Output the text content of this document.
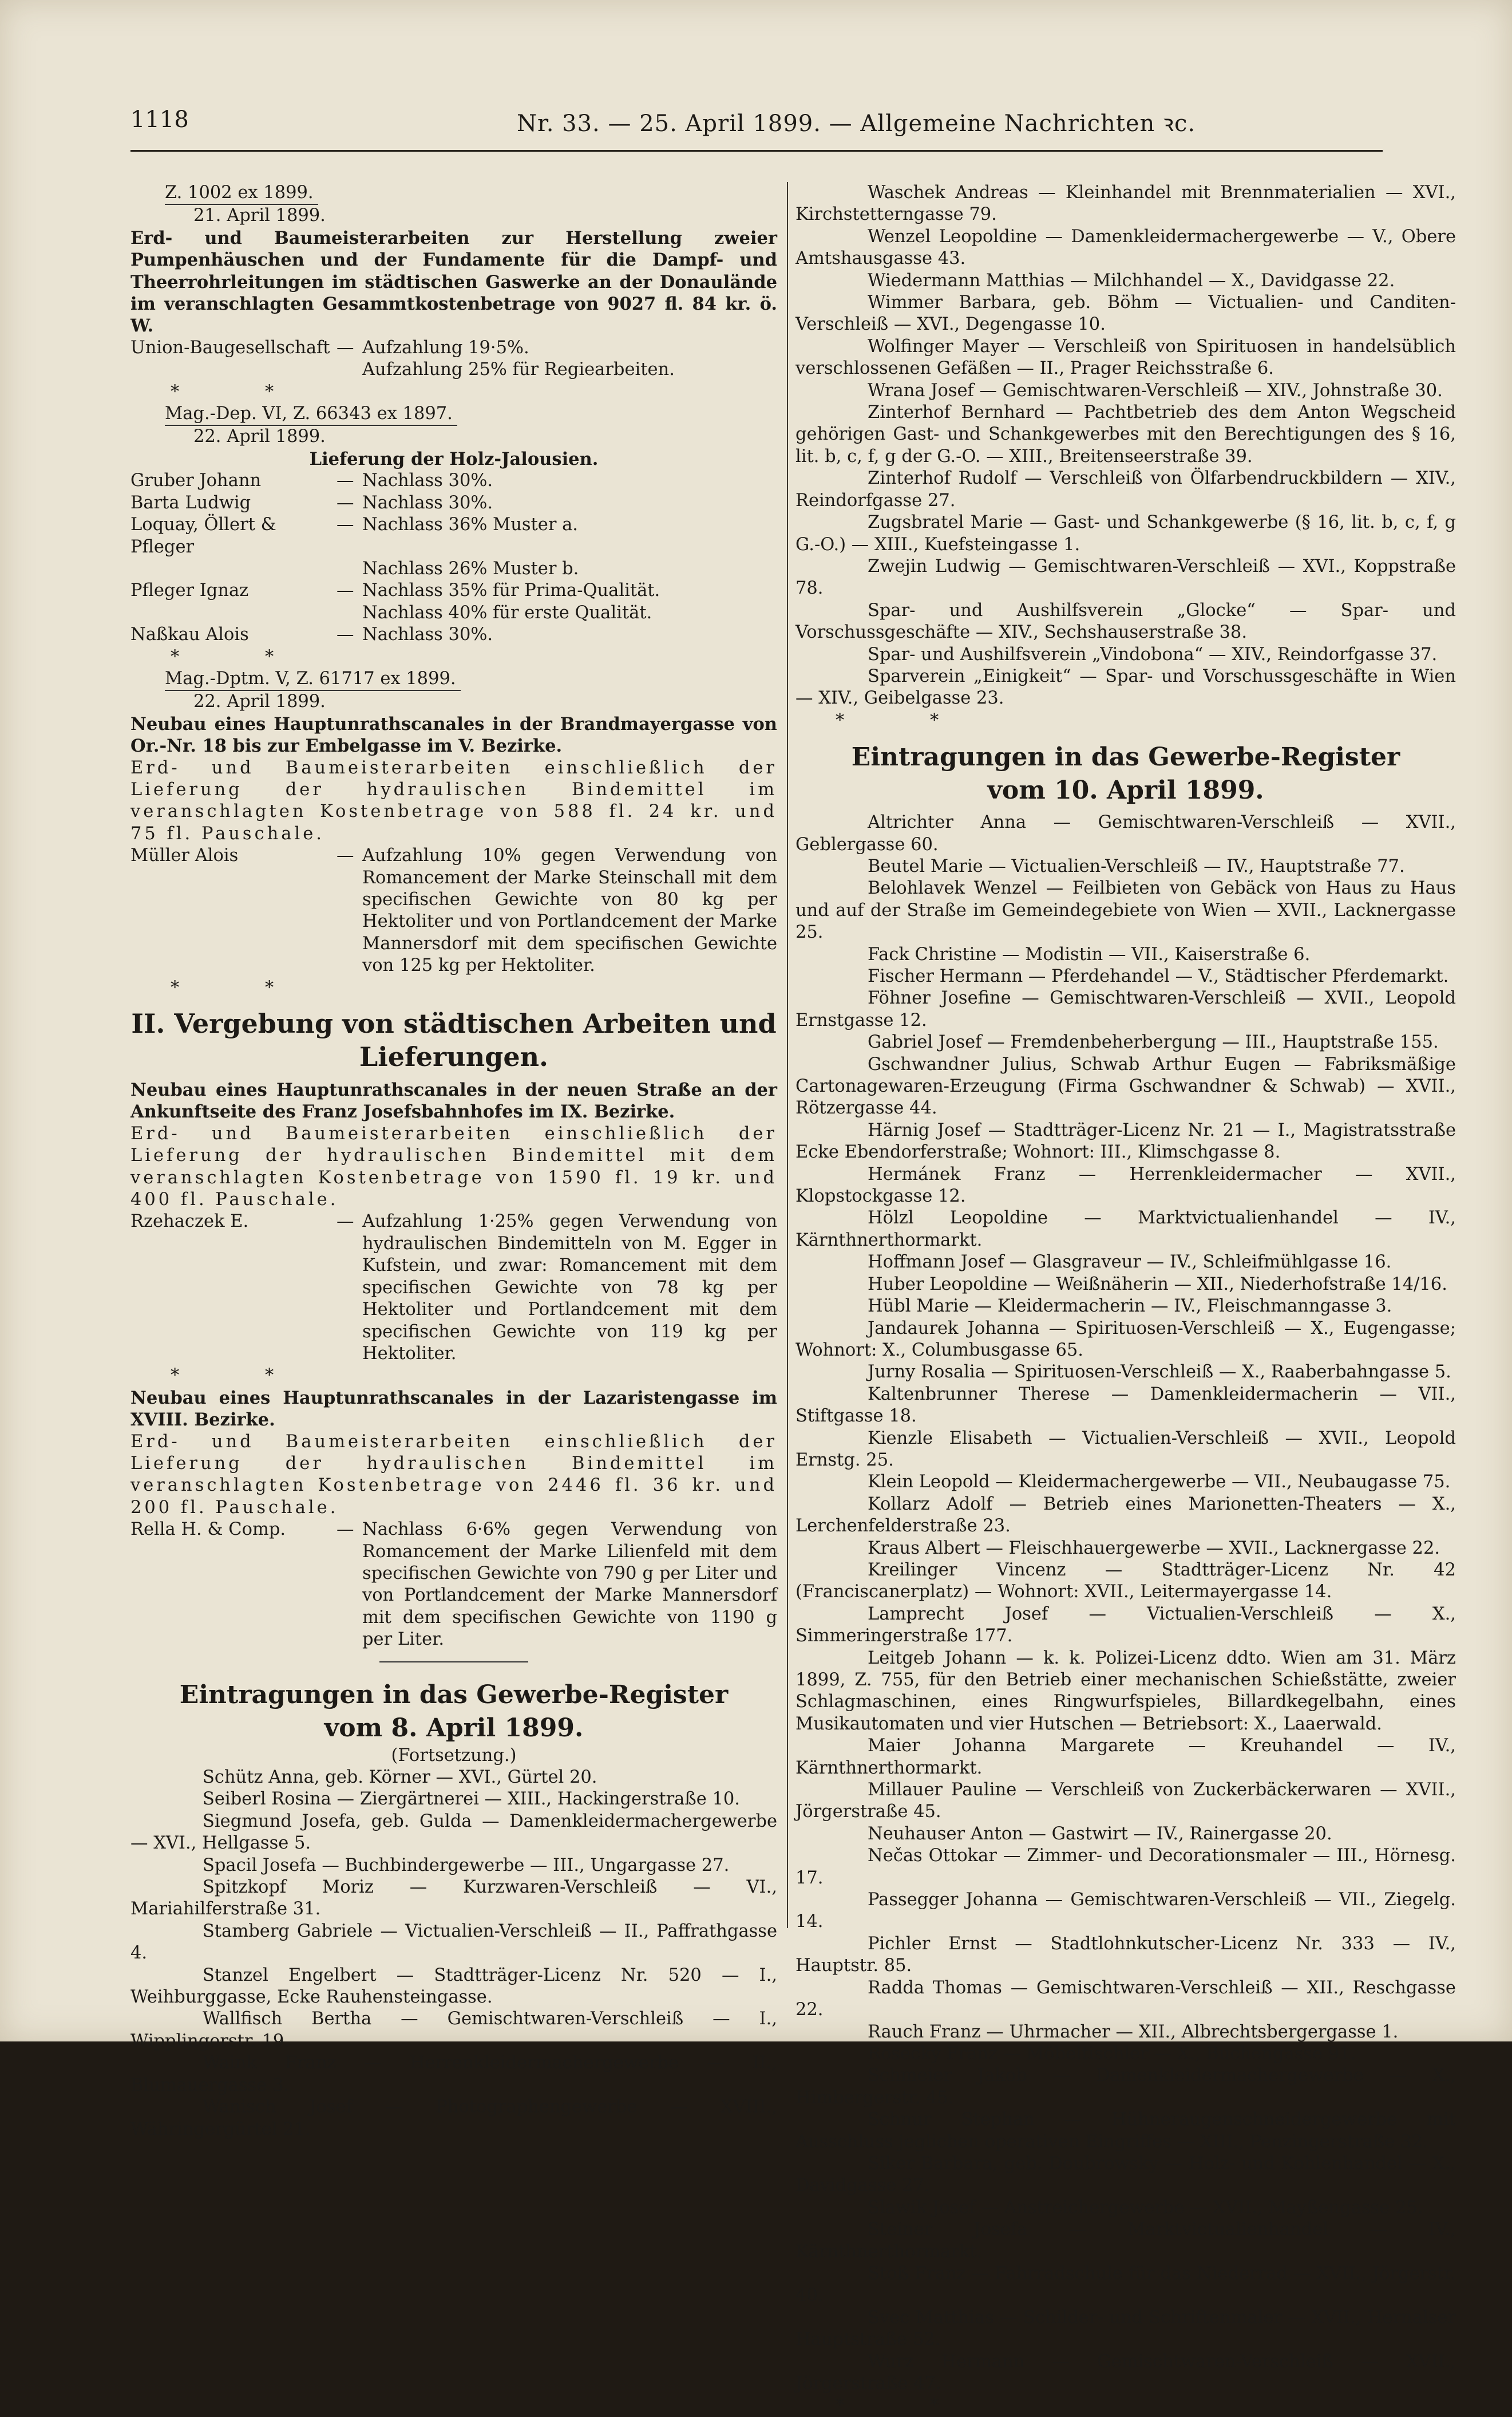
1118	Nr. 33. — 25. April 1899. — Allgemeine Nachrichten ꝛc.

Z. 1002 ex 1899.

21. April 1899.

Erd- und Baumeisterarbeiten zur Herstellung zweier Pumpenhäuschen und der Fundamente für die Dampf- und Theerrohrleitungen im städtischen Gaswerke an der Donaulände im veranschlagten Gesammtkostenbetrage von 9027 fl. 84 kr. ö. W.

Union-Baugesellschaft — Aufzahlung 19·5%.
Aufzahlung 25% für Regiearbeiten.

* *

Mag.-Dep. VI, Z. 66343 ex 1897.

22. April 1899.

Lieferung der Holz-Jalousien.

Gruber Johann	— Nachlass 30%.
Barta Ludwig	— Nachlass 30%.
Loquay, Öllert & Pfleger
— Nachlass 36% Muster a.
Nachlass 26% Muster b.
Pfleger Ignaz	— Nachlass 35% für Prima-Qualität.
Nachlass 40% für erste Qualität.
Naßkau Alois	— Nachlass 30%.

* *

Mag.-Dptm. V, Z. 61717 ex 1899.

22. April 1899.

Neubau eines Hauptunrathscanales in der Brandmayergasse von Or.-Nr. 18 bis zur Embelgasse im V. Bezirke.

Erd- und Baumeisterarbeiten einschließlich der Lieferung der hydraulischen Bindemittel im veranschlagten Kostenbetrage von 588 fl. 24 kr. und 75 fl. Pauschale.

Müller Alois	— Aufzahlung 10% gegen Verwendung von Romancement der Marke Steinschall mit dem specifischen Gewichte von 80 kg per Hektoliter und von Portlandcement der Marke Mannersdorf mit dem specifischen Gewichte von 125 kg per Hektoliter.

* *

II. Vergebung von städtischen Arbeiten und
Lieferungen.

Neubau eines Hauptunrathscanales in der neuen Straße an der Ankunftseite des Franz Josefsbahnhofes im IX. Bezirke.

Erd- und Baumeisterarbeiten einschließlich der Lieferung der hydraulischen Bindemittel mit dem veranschlagten Kostenbetrage von 1590 fl. 19 kr. und 400 fl. Pauschale.

Rzehaczek E.	— Aufzahlung 1·25% gegen Verwendung von hydraulischen Bindemitteln von M. Egger in Kufstein, und zwar: Romancement mit dem specifischen Gewichte von 78 kg per Hektoliter und Portlandcement mit dem specifischen Gewichte von 119 kg per Hektoliter.

* *

Neubau eines Hauptunrathscanales in der Lazaristengasse im XVIII. Bezirke.

Erd- und Baumeisterarbeiten einschließlich der Lieferung der hydraulischen Bindemittel im veranschlagten Kostenbetrage von 2446 fl. 36 kr. und 200 fl. Pauschale.

Rella H. & Comp.	— Nachlass 6·6% gegen Verwendung von Romancement der Marke Lilienfeld mit dem specifischen Gewichte von 790 g per Liter und von Portlandcement der Marke Mannersdorf mit dem specifischen Gewichte von 1190 g per Liter.
Eintragungen in das Gewerbe-Register
vom 8. April 1899.

(Fortsetzung.)

Schütz Anna, geb. Körner — XVI., Gürtel 20.

Seiberl Rosina — Ziergärtnerei — XIII., Hackingerstraße 10.

Siegmund Josefa, geb. Gulda — Damenkleidermachergewerbe — XVI., Hellgasse 5.

Spacil Josefa — Buchbindergewerbe — III., Ungargasse 27.

Spitzkopf Moriz — Kurzwaren-Verschleiß — VI., Mariahilferstraße 31.

Stamberg Gabriele — Victualien-Verschleiß — II., Paffrathgasse 4.

Stanzel Engelbert — Stadtträger-Licenz Nr. 520 — I., Weihburggasse, Ecke Rauhensteingasse.

Wallfisch Bertha — Gemischtwaren-Verschleiß — I., Wipplingerstr. 19.

Waink Franz — Herrenkleidermachergewerbe — II., Blumauergasse 3.

Wanisch Josef — Photographengewerbe — XVIII., Währingergürtel 21.

Waschek Andreas — Kleinhandel mit Brennmaterialien — XVI., Kirchstetterngasse 79.

Wenzel Leopoldine — Damenkleidermachergewerbe — V., Obere Amtshausgasse 43.

Wiedermann Matthias — Milchhandel — X., Davidgasse 22.

Wimmer Barbara, geb. Böhm — Victualien- und Canditen-Verschleiß — XVI., Degengasse 10.

Wolfinger Mayer — Verschleiß von Spirituosen in handelsüblich verschlossenen Gefäßen — II., Prager Reichsstraße 6.

Wrana Josef — Gemischtwaren-Verschleiß — XIV., Johnstraße 30.

Zinterhof Bernhard — Pachtbetrieb des dem Anton Wegscheid gehörigen Gast- und Schankgewerbes mit den Berechtigungen des § 16, lit. b, c, f, g der G.-O. — XIII., Breitenseerstraße 39.

Zinterhof Rudolf — Verschleiß von Ölfarbendruckbildern — XIV., Reindorfgasse 27.

Zugsbratel Marie — Gast- und Schankgewerbe (§ 16, lit. b, c, f, g G.-O.) — XIII., Kuefsteingasse 1.

Zwejin Ludwig — Gemischtwaren-Verschleiß — XVI., Koppstraße 78.

Spar- und Aushilfsverein „Glocke“ — Spar- und Vorschussgeschäfte — XIV., Sechshauserstraße 38.

Spar- und Aushilfsverein „Vindobona“ — XIV., Reindorfgasse 37.

Sparverein „Einigkeit“ — Spar- und Vorschussgeschäfte in Wien — XIV., Geibelgasse 23.

* *

Eintragungen in das Gewerbe-Register
vom 10. April 1899.

Altrichter Anna — Gemischtwaren-Verschleiß — XVII., Geblergasse 60.

Beutel Marie — Victualien-Verschleiß — IV., Hauptstraße 77.

Belohlavek Wenzel — Feilbieten von Gebäck von Haus zu Haus und auf der Straße im Gemeindegebiete von Wien — XVII., Lacknergasse 25.

Fack Christine — Modistin — VII., Kaiserstraße 6.

Fischer Hermann — Pferdehandel — V., Städtischer Pferdemarkt.

Föhner Josefine — Gemischtwaren-Verschleiß — XVII., Leopold Ernstgasse 12.

Gabriel Josef — Fremdenbeherbergung — III., Hauptstraße 155.

Gschwandner Julius, Schwab Arthur Eugen — Fabriksmäßige Cartonagewaren-Erzeugung (Firma Gschwandner & Schwab) — XVII., Rötzergasse 44.

Härnig Josef — Stadtträger-Licenz Nr. 21 — I., Magistratsstraße Ecke Ebendorferstraße; Wohnort: III., Klimschgasse 8.

Hermánek Franz — Herrenkleidermacher — XVII., Klopstockgasse 12.

Hölzl Leopoldine — Marktvictualienhandel — IV., Kärnthnerthormarkt.

Hoffmann Josef — Glasgraveur — IV., Schleifmühlgasse 16.

Huber Leopoldine — Weißnäherin — XII., Niederhofstraße 14/16.

Hübl Marie — Kleidermacherin — IV., Fleischmanngasse 3.

Jandaurek Johanna — Spirituosen-Verschleiß — X., Eugengasse; Wohnort: X., Columbusgasse 65.

Jurny Rosalia — Spirituosen-Verschleiß — X., Raaberbahngasse 5.

Kaltenbrunner Therese — Damenkleidermacherin — VII., Stiftgasse 18.

Kienzle Elisabeth — Victualien-Verschleiß — XVII., Leopold Ernstg. 25.

Klein Leopold — Kleidermachergewerbe — VII., Neubaugasse 75.

Kollarz Adolf — Betrieb eines Marionetten-Theaters — X., Lerchenfelderstraße 23.

Kraus Albert — Fleischhauergewerbe — XVII., Lacknergasse 22.

Kreilinger Vincenz — Stadtträger-Licenz Nr. 42 (Franciscanerplatz) — Wohnort: XVII., Leitermayergasse 14.

Lamprecht Josef — Victualien-Verschleiß — X., Simmeringerstraße 177.

Leitgeb Johann — k. k. Polizei-Licenz ddto. Wien am 31. März 1899, Z. 755, für den Betrieb einer mechanischen Schießstätte, zweier Schlagmaschinen, eines Ringwurfspieles, Billardkegelbahn, eines Musikautomaten und vier Hutschen — Betriebsort: X., Laaerwald.

Maier Johanna Margarete — Kreuhandel — IV., Kärnthnerthormarkt.

Millauer Pauline — Verschleiß von Zuckerbäckerwaren — XVII., Jörgerstraße 45.

Neuhauser Anton — Gastwirt — IV., Rainergasse 20.

Nečas Ottokar — Zimmer- und Decorationsmaler — III., Hörnesg. 17.

Passegger Johanna — Gemischtwaren-Verschleiß — VII., Ziegelg. 14.

Pichler Ernst — Stadtlohnkutscher-Licenz Nr. 333 — IV., Hauptstr. 85.

Radda Thomas — Gemischtwaren-Verschleiß — XII., Reschgasse 22.

Rauch Franz — Uhrmacher — XII., Albrechtsbergergasse 1.

Rosecky Franz — Möbeltischler — X., Buchengasse 91.

Schmeier Jakob — Damenkleidermachergewerbe — X., Himbergerstr. 45.

Schnur Stephan — Hühneraugenschneidergewerbe mit Ausschluss jeglichen operativen Eingriffes — XIII., Penzingerstraße 32.

Siker Barbara, geb. Doubrowsky — Holz- und Kohlenhandel — X., Davidgasse 27.

Slawik Josef — Anstreichergewerbe — XVII., Mayßengasse 25.

Steiner Josefa — Marktvictualienhandel — IV., Kärnthnerthormarkt.

Stoß Franz — Fahrradschule für das Niederrad — XVII., Jörgerstr. 40.

Svec Matthias — Schilder- und Schriftenmaler — XVII., Hernalser Hauptstraße 52.

Wurz Hermann — Gemischtwaren-Verschleiß — XVII., Jörgerstraße 47.

* *
